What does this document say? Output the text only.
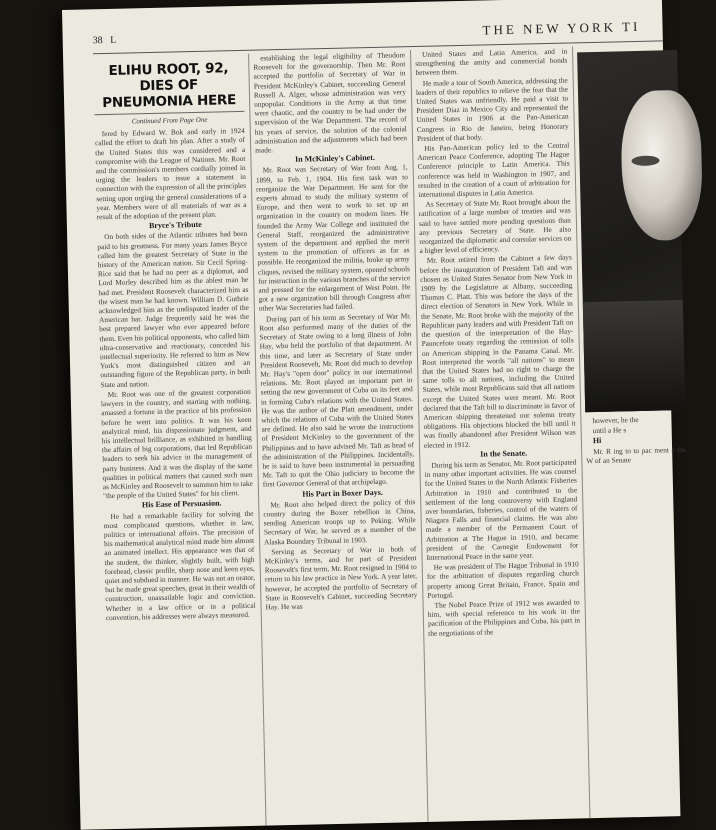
38 L
THE NEW YORK TI
ELIHU ROOT, 92, DIES OF PNEUMONIA HERE
Continued From Page One

fered by Edward W. Bok and early in 1924 called the effort to draft his plan. After a study of the United States this was considered and a compromise with the League of Nations. Mr. Root and the commission's members cordially joined in urging the leaders to issue a statement in connection with the expression of all the principles setting upon urging the general considerations of a year. Members were of all materials of war as a result of the adoption of the present plan.

Bryce's Tribute

On both sides of the Atlantic tributes had been paid to his greatness. For many years James Bryce called him the greatest Secretary of State in the history of the American nation. Sir Cecil Spring-Rice said that he had no peer as a diplomat, and Lord Morley described him as the ablest man he had met. President Roosevelt characterized him as the wisest man he had known. William D. Guthrie acknowledged him as the undisputed leader of the American bar. Judge frequently said he was the best prepared lawyer who ever appeared before them. Even his political opponents, who called him ultra-conservative and reactionary, conceded his intellectual superiority. He referred to him as New York's most distinguished citizen and an outstanding figure of the Republican party, in both State and nation.

Mr. Root was one of the greatest corporation lawyers in the country, and starting with nothing, amassed a fortune in the practice of his profession before he went into politics. It was his keen analytical mind, his dispassionate judgment, and his intellectual brilliance, as exhibited in handling the affairs of big corporations, that led Republican leaders to seek his advice in the management of party business. And it was the display of the same qualities in political matters that caused such men as McKinley and Roosevelt to summon him to take "the people of the United States" for his client.

His Ease of Persuasion.

He had a remarkable facility for solving the most complicated questions, whether in law, politics or international affairs. The precision of his mathematical analytical mind made him almost an animated intellect. His appearance was that of the student, the thinker, slightly built, with high forehead, classic profile, sharp nose and keen eyes, quiet and subdued in manner. He was not an orator, but he made great speeches, great in their wealth of construction, unassailable logic and conviction. Whether in a law office or in a political convention, his addresses were always measured.

establishing the legal eligibility of Theodore Roosevelt for the governorship. Then Mr. Root accepted the portfolio of Secretary of War in President McKinley's Cabinet, succeeding General Russell A. Alger, whose administration was very unpopular. Conditions in the Army at that time were chaotic, and the country to be had under the supervision of the War Department. The record of his years of service, the solution of the colonial administration and the adjustments which had been made.

In McKinley's Cabinet.

Mr. Root was Secretary of War from Aug. 1, 1899, to Feb. 1, 1904. His first task was to reorganize the War Department. He sent for the experts abroad to study the military systems of Europe, and then went to work to set up an organization in the country on modern lines. He founded the Army War College and instituted the General Staff, reorganized the administrative system of the department and applied the merit system to the promotion of officers as far as possible. He reorganized the militia, broke up army cliques, revised the military system, opened schools for instruction in the various branches of the service and pressed for the enlargement of West Point. He got a new organization bill through Congress after other War Secretaries had failed.

During part of his term as Secretary of War Mr. Root also performed many of the duties of the Secretary of State owing to a long illness of John Hay, who held the portfolio of that department. At this time, and later as Secretary of State under President Roosevelt, Mr. Root did much to develop Mr. Hay's "open door" policy in our international relations. Mr. Root played an important part in setting the new government of Cuba on its feet and in forming Cuba's relations with the United States. He was the author of the Platt amendment, under which the relations of Cuba with the United States are defined. He also said he wrote the instructions of President McKinley to the government of the Philippines and to have advised Mr. Taft as head of the administration of the Philippines. Incidentally, he is said to have been instrumental in persuading Mr. Taft to quit the Ohio judiciary to become the first Governor General of that archipelago.

His Part in Boxer Days.

Mr. Root also helped direct the policy of this country during the Boxer rebellion in China, sending American troops up to Peking. While Secretary of War, he served as a member of the Alaska Boundary Tribunal in 1903.

Serving as Secretary of War in both of McKinley's terms, and for part of President Roosevelt's first term, Mr. Root resigned in 1904 to return to his law practice in New York. A year later, however, he accepted the portfolio of Secretary of State in Roosevelt's Cabinet, succeeding Secretary Hay. He was

United States and Latin America, and in strengthening the amity and commercial bonds between them.

He made a tour of South America, addressing the leaders of their republics to relieve the fear that the United States was unfriendly. He paid a visit to President Diaz in Mexico City and represented the United States in 1906 at the Pan-American Congress in Rio de Janeiro, being Honorary President of that body.

His Pan-American policy led to the Central American Peace Conference, adopting The Hague Conference principle to Latin America. This conference was held in Washington in 1907, and resulted in the creation of a court of arbitration for international disputes in Latin America.

As Secretary of State Mr. Root brought about the ratification of a large number of treaties and was said to have settled more pending questions than any previous Secretary of State. He also reorganized the diplomatic and consular services on a higher level of efficiency.

Mr. Root retired from the Cabinet a few days before the inauguration of President Taft and was chosen as United States Senator from New York in 1909 by the Legislature at Albany, succeeding Thomas C. Platt. This was before the days of the direct election of Senators in New York. While in the Senate, Mr. Root broke with the majority of the Republican party leaders and with President Taft on the question of the interpretation of the Hay-Pauncefote treaty regarding the remission of tolls on American shipping in the Panama Canal. Mr. Root interpreted the words "all nations" to mean that the United States had no right to charge the same tolls to all nations, including the United States, while most Republicans said that all nations except the United States were meant. Mr. Root declared that the Taft bill to discriminate in favor of American shipping threatened our solemn treaty obligations. His objections blocked the bill until it was finally abandoned after President Wilson was elected in 1912.

In the Senate.

During his term as Senator, Mr. Root participated in many other important activities. He was counsel for the United States in the North Atlantic Fisheries Arbitration in 1910 and contributed to the settlement of the long controversy with England over boundaries, fisheries, control of the waters of Niagara Falls and financial claims. He was also made a member of the Permanent Court of Arbitration at The Hague in 1910, and became president of the Carnegie Endowment for International Peace in the same year.

He was president of The Hague Tribunal in 1910 for the arbitration of disputes regarding church property among Great Britain, France, Spain and Portugal.

The Nobel Peace Prize of 1912 was awarded to him, with special reference to his work in the pacification of the Philippines and Cuba, his part in the negotiations of the

however, he the

until a He s

Hi

Mr. R ing to to pac ment a the W of an Senate
